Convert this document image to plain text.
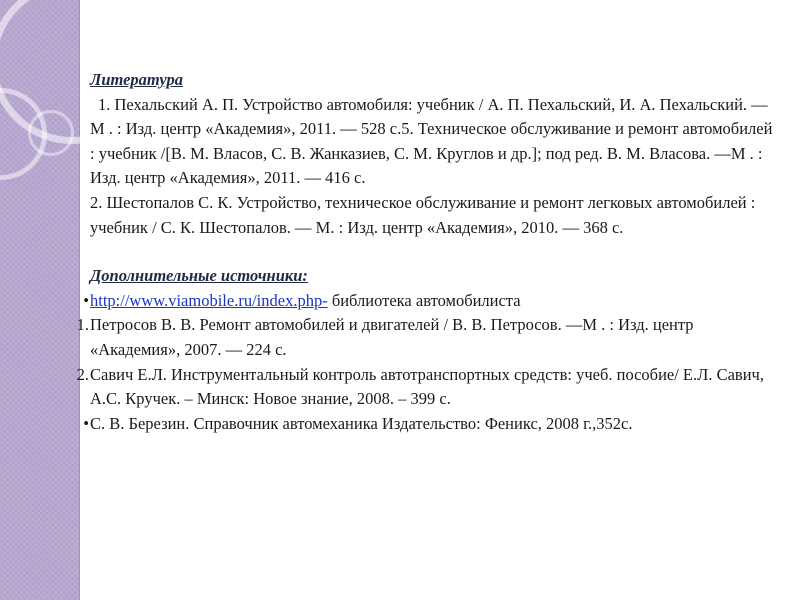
Литература

1. Пехальский А. П. Устройство автомобиля: учебник / А. П. Пехальский, И. А. Пехальский. — М . : Изд. центр «Академия», 2011. — 528 с.5. Техническое обслуживание и ремонт автомобилей : учебник /[В. М. Власов, С. В. Жанказиев, С. М. Круглов и др.]; под ред. В. М. Власова. —М . : Изд. центр «Академия», 2011. — 416 с.

2. Шестопалов С. К. Устройство, техническое обслуживание и ремонт легковых автомобилей : учебник / С. К. Шестопалов. — М. : Изд. центр «Академия», 2010. — 368 с.

Дополнительные источники:
• http://www.viamobile.ru/index.php- библиотека автомобилиста
1. Петросов В. В. Ремонт автомобилей и двигателей / В. В. Петросов. —М . : Изд. центр «Академия», 2007. — 224 с.
2. Савич Е.Л. Инструментальный контроль автотранспортных средств: учеб. пособие/ Е.Л. Савич, А.С. Кручек. – Минск: Новое знание, 2008. – 399 с.
• С. В. Березин. Справочник автомеханика Издательство: Феникс, 2008 г.,352с.
